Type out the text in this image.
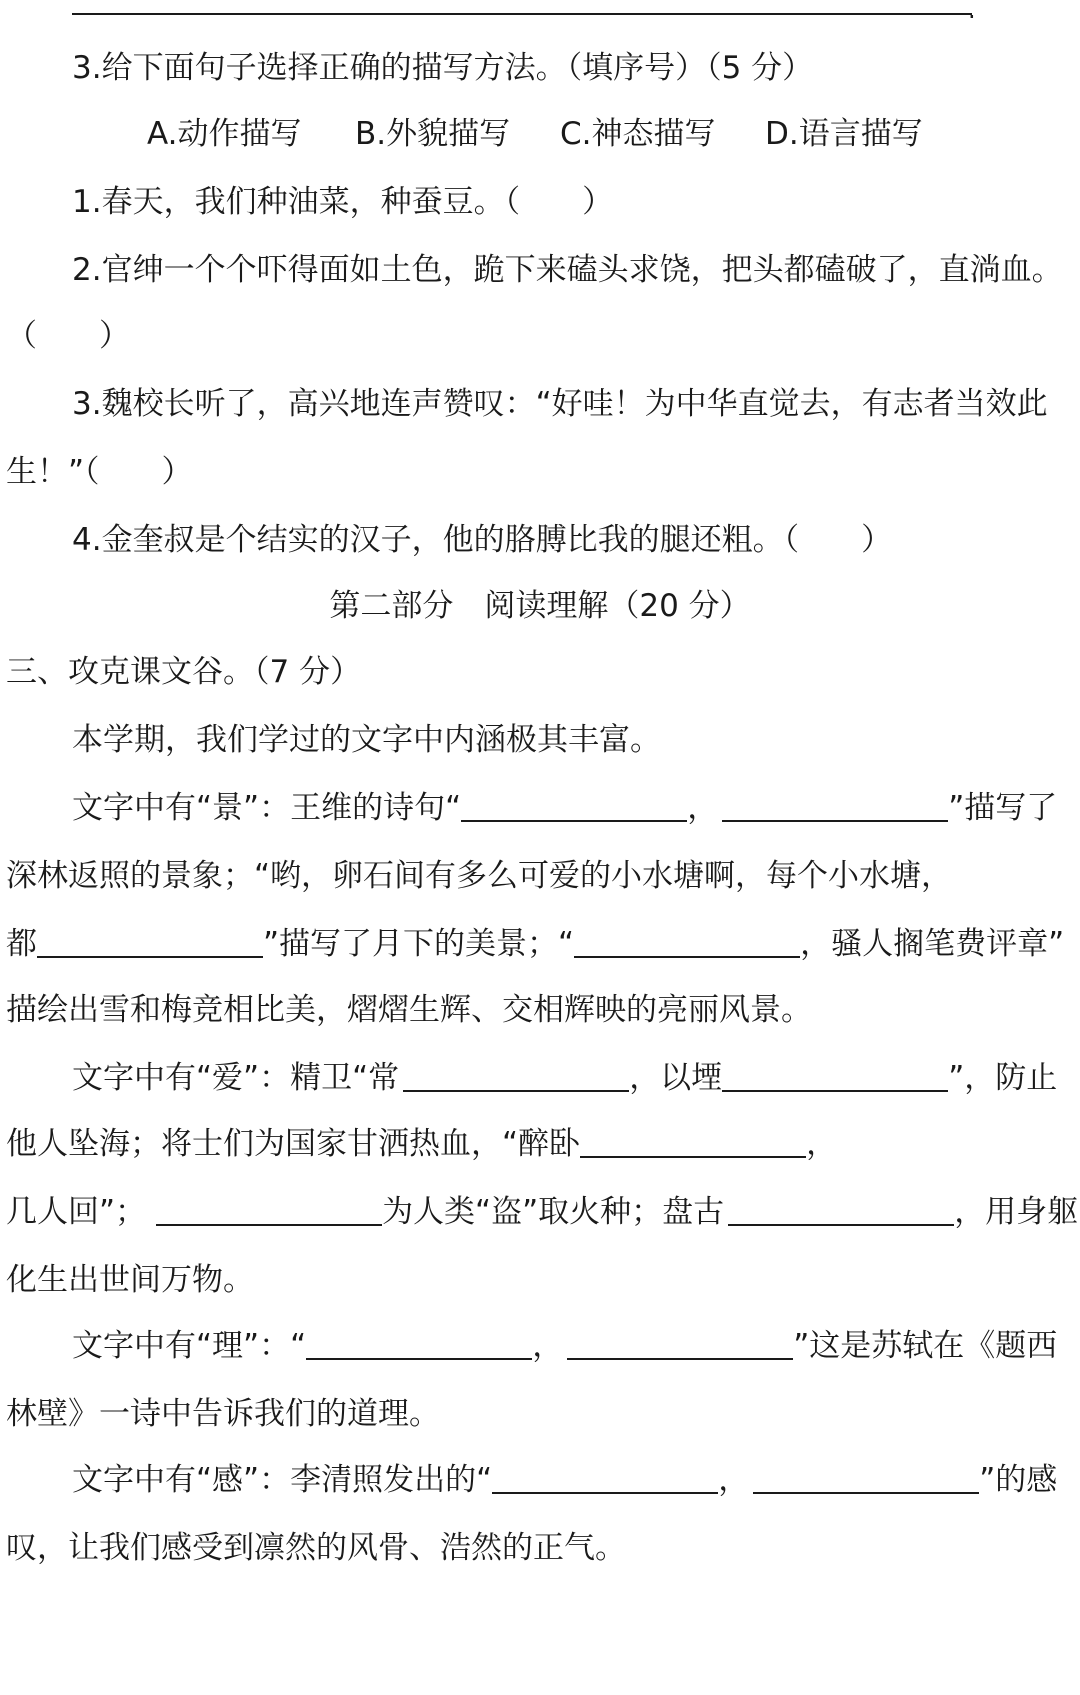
.
3.给下面句子选择正确的描写方法。（填序号）（5 分）
A.动作描写 B.外貌描写 C.神态描写 D.语言描写
1.春天，我们种油菜，种蚕豆。（　　）
2.官绅一个个吓得面如土色，跪下来磕头求饶，把头都磕破了，直淌血。
（　　）
3.魏校长听了，高兴地连声赞叹：“好哇！为中华直觉去，有志者当效此
生！”（　　）
4.金奎叔是个结实的汉子，他的胳膊比我的腿还粗。（　　）
第二部分　阅读理解（20 分）
三、攻克课文谷。（7 分）
本学期，我们学过的文字中内涵极其丰富。
文字中有“景”：王维的诗句“	，	”描写了
深林返照的景象；“哟，卵石间有多么可爱的小水塘啊，每个小水塘，
都	”描写了月下的美景；“	，骚人搁笔费评章”
描绘出雪和梅竞相比美，熠熠生辉、交相辉映的亮丽风景。
文字中有“爱”：精卫“常	，以堙	”，防止
他人坠海；将士们为国家甘洒热血，“醉卧	，
几人回”；	为人类“盗”取火种；盘古	，用身躯
化生出世间万物。
文字中有“理”：“	，	”这是苏轼在《题西
林壁》一诗中告诉我们的道理。
文字中有“感”：李清照发出的“	，	”的感
叹，让我们感受到凛然的风骨、浩然的正气。
